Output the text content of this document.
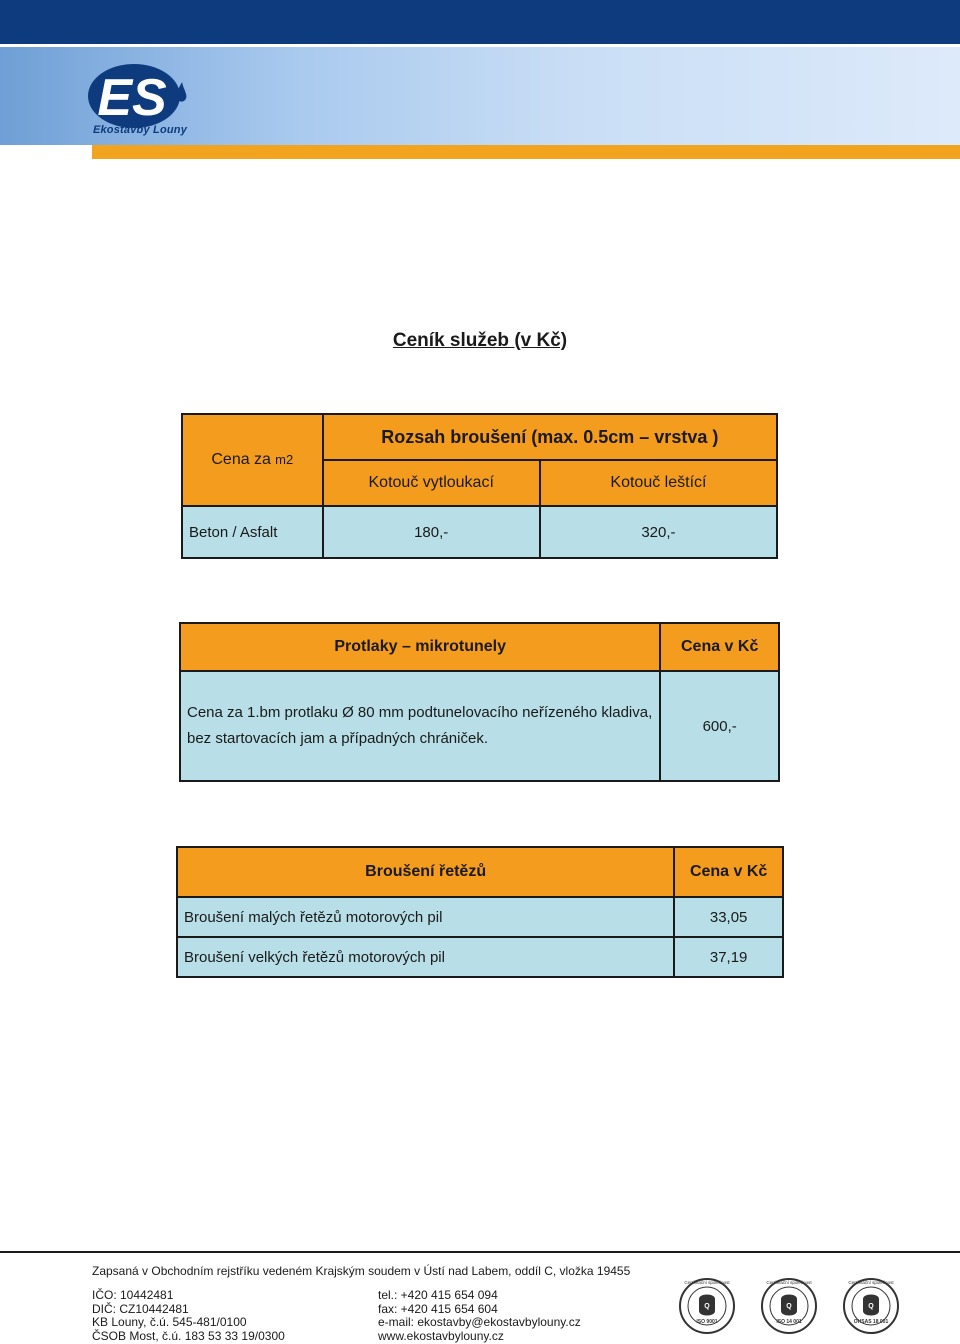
ES
Ekostavby Louny
Ceník služeb (v Kč)
Cena za m2	Rozsah broušení (max. 0.5cm – vrstva )	
	Kotouč vytloukací	Kotouč leštící
Beton / Asfalt	180,-	320,-
Protlaky – mikrotunely	Cena v Kč

Cena za 1.bm protlaku Ø 80 mm podtunelovacího neřízeného kladiva,
bez startovacích jam a případných chrániček.	600,-
Broušení řetězů	Cena v Kč
Broušení malých řetězů motorových pil	33,05
Broušení velkých řetězů motorových pil	37,19
Zapsaná v Obchodním rejstříku vedeném Krajským soudem v Ústí nad Labem, oddíl C, vložka 19455
IČO: 10442481
DIČ: CZ10442481
KB Louny, č.ú. 545-481/0100
ČSOB Most, č.ú. 183 53 33 19/0300
tel.: +420 415 654 094
fax: +420 415 654 604
e-mail: ekostavby@ekostavbylouny.cz
www.ekostavbylouny.cz
Q
Certifikační společnost
ISO 9001
Q
Certifikační společnost
ISO 14 001
Q
Certifikační společnost
OHSAS 18 001
